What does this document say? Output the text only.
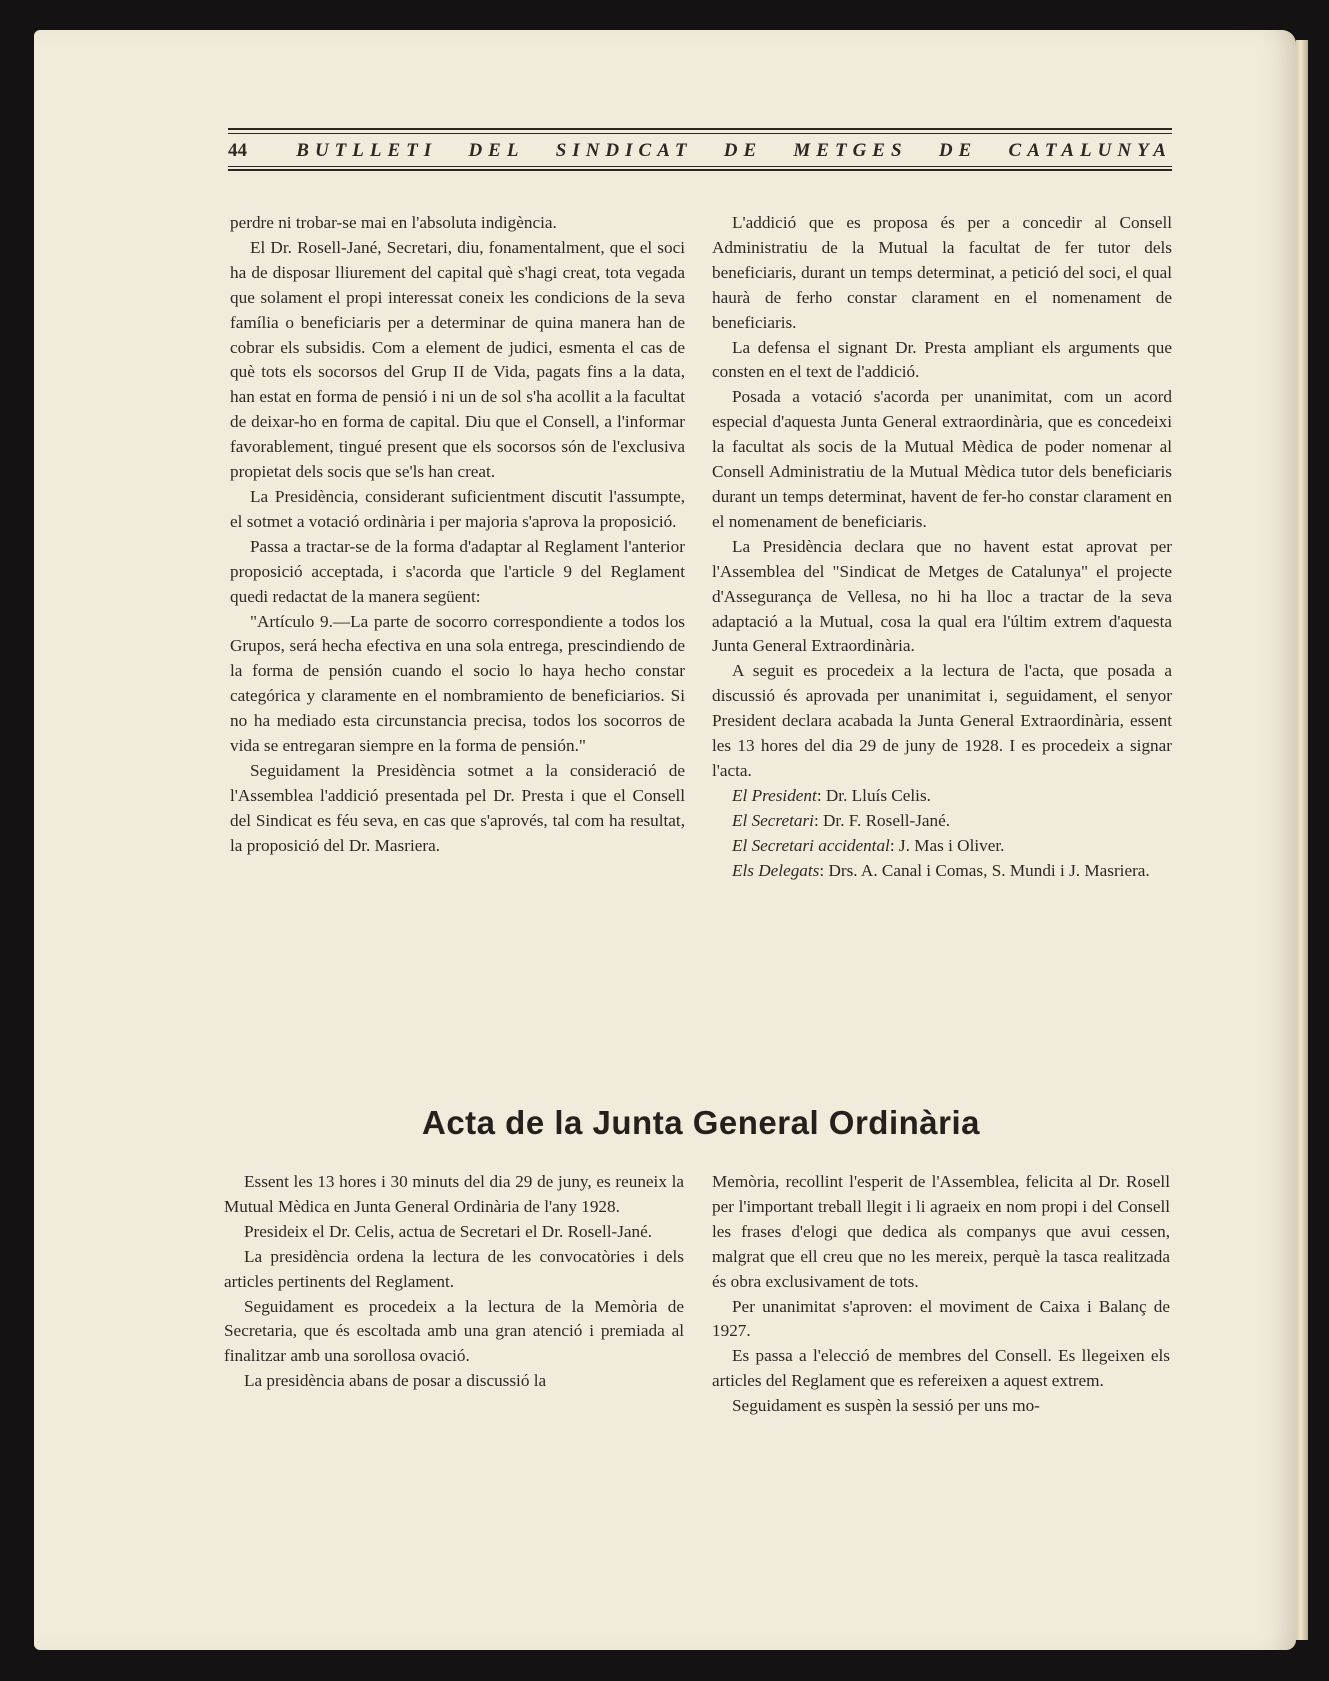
44	BUTLLETI DEL SINDICAT DE METGES DE CATALUNYA

perdre ni trobar-se mai en l'absoluta indigència.

El Dr. Rosell-Jané, Secretari, diu, fonamentalment, que el soci ha de disposar lliurement del capital què s'hagi creat, tota vegada que solament el propi interessat coneix les condicions de la seva família o beneficiaris per a determinar de quina manera han de cobrar els subsidis. Com a element de judici, esmenta el cas de què tots els socorsos del Grup II de Vida, pagats fins a la data, han estat en forma de pensió i ni un de sol s'ha acollit a la facultat de deixar-ho en forma de capital. Diu que el Consell, a l'informar favorablement, tingué present que els socorsos són de l'exclusiva propietat dels socis que se'ls han creat.

La Presidència, considerant suficientment discutit l'assumpte, el sotmet a votació ordinària i per majoria s'aprova la proposició.

Passa a tractar-se de la forma d'adaptar al Reglament l'anterior proposició acceptada, i s'acorda que l'article 9 del Reglament quedi redactat de la manera següent:

"Artículo 9.—La parte de socorro correspondiente a todos los Grupos, será hecha efectiva en una sola entrega, prescindiendo de la forma de pensión cuando el socio lo haya hecho constar categórica y claramente en el nombramiento de beneficiarios. Si no ha mediado esta circunstancia precisa, todos los socorros de vida se entregaran siempre en la forma de pensión."

Seguidament la Presidència sotmet a la consideració de l'Assemblea l'addició presentada pel Dr. Presta i que el Consell del Sindicat es féu seva, en cas que s'aprovés, tal com ha resultat, la proposició del Dr. Masriera.

L'addició que es proposa és per a concedir al Consell Administratiu de la Mutual la facultat de fer tutor dels beneficiaris, durant un temps determinat, a petició del soci, el qual haurà de ferho constar clarament en el nomenament de beneficiaris.

La defensa el signant Dr. Presta ampliant els arguments que consten en el text de l'addició.

Posada a votació s'acorda per unanimitat, com un acord especial d'aquesta Junta General extraordinària, que es concedeixi la facultat als socis de la Mutual Mèdica de poder nomenar al Consell Administratiu de la Mutual Mèdica tutor dels beneficiaris durant un temps determinat, havent de fer-ho constar clarament en el nomenament de beneficiaris.

La Presidència declara que no havent estat aprovat per l'Assemblea del "Sindicat de Metges de Catalunya" el projecte d'Assegurança de Vellesa, no hi ha lloc a tractar de la seva adaptació a la Mutual, cosa la qual era l'últim extrem d'aquesta Junta General Extraordinària.

A seguit es procedeix a la lectura de l'acta, que posada a discussió és aprovada per unanimitat i, seguidament, el senyor President declara acabada la Junta General Extraordinària, essent les 13 hores del dia 29 de juny de 1928. I es procedeix a signar l'acta.

El President: Dr. Lluís Celis.

El Secretari: Dr. F. Rosell-Jané.

El Secretari accidental: J. Mas i Oliver.

Els Delegats: Drs. A. Canal i Comas, S. Mundi i J. Masriera.

Acta de la Junta General Ordinària

Essent les 13 hores i 30 minuts del dia 29 de juny, es reuneix la Mutual Mèdica en Junta General Ordinària de l'any 1928.

Presideix el Dr. Celis, actua de Secretari el Dr. Rosell-Jané.

La presidència ordena la lectura de les convocatòries i dels articles pertinents del Reglament.

Seguidament es procedeix a la lectura de la Memòria de Secretaria, que és escoltada amb una gran atenció i premiada al finalitzar amb una sorollosa ovació.

La presidència abans de posar a discussió la

Memòria, recollint l'esperit de l'Assemblea, felicita al Dr. Rosell per l'important treball llegit i li agraeix en nom propi i del Consell les frases d'elogi que dedica als companys que avui cessen, malgrat que ell creu que no les mereix, perquè la tasca realitzada és obra exclusivament de tots.

Per unanimitat s'aproven: el moviment de Caixa i Balanç de 1927.

Es passa a l'elecció de membres del Consell. Es llegeixen els articles del Reglament que es refereixen a aquest extrem.

Seguidament es suspèn la sessió per uns mo-
